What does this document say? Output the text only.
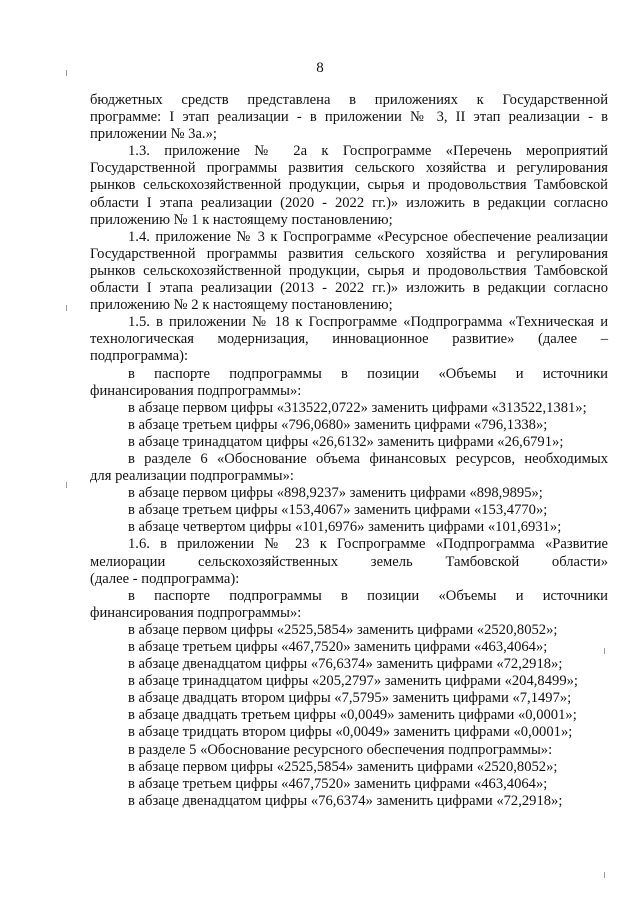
8
бюджетных средств представлена в приложениях к Государственной
программе: I этап реализации - в приложении № 3, II этап реализации - в
приложении № 3а.»;
1.3. приложение № 2а к Госпрограмме «Перечень мероприятий
Государственной программы развития сельского хозяйства и регулирования
рынков сельскохозяйственной продукции, сырья и продовольствия Тамбовской
области I этапа реализации (2020 - 2022 гг.)» изложить в редакции согласно
приложению № 1 к настоящему постановлению;
1.4. приложение № 3 к Госпрограмме «Ресурсное обеспечение реализации
Государственной программы развития сельского хозяйства и регулирования
рынков сельскохозяйственной продукции, сырья и продовольствия Тамбовской
области I этапа реализации (2013 - 2022 гг.)» изложить в редакции согласно
приложению № 2 к настоящему постановлению;
1.5. в приложении № 18 к Госпрограмме «Подпрограмма «Техническая и
технологическая модернизация, инновационное развитие» (далее –
подпрограмма):
в паспорте подпрограммы в позиции «Объемы и источники
финансирования подпрограммы»:
в абзаце первом цифры «313522,0722» заменить цифрами «313522,1381»;
в абзаце третьем цифры «796,0680» заменить цифрами «796,1338»;
в абзаце тринадцатом цифры «26,6132» заменить цифрами «26,6791»;
в разделе 6 «Обоснование объема финансовых ресурсов, необходимых
для реализации подпрограммы»:
в абзаце первом цифры «898,9237» заменить цифрами «898,9895»;
в абзаце третьем цифры «153,4067» заменить цифрами «153,4770»;
в абзаце четвертом цифры «101,6976» заменить цифрами «101,6931»;
1.6. в приложении № 23 к Госпрограмме «Подпрограмма «Развитие
мелиорации сельскохозяйственных земель Тамбовской области»
(далее - подпрограмма):
в паспорте подпрограммы в позиции «Объемы и источники
финансирования подпрограммы»:
в абзаце первом цифры «2525,5854» заменить цифрами «2520,8052»;
в абзаце третьем цифры «467,7520» заменить цифрами «463,4064»;
в абзаце двенадцатом цифры «76,6374» заменить цифрами «72,2918»;
в абзаце тринадцатом цифры «205,2797» заменить цифрами «204,8499»;
в абзаце двадцать втором цифры «7,5795» заменить цифрами «7,1497»;
в абзаце двадцать третьем цифры «0,0049» заменить цифрами «0,0001»;
в абзаце тридцать втором цифры «0,0049» заменить цифрами «0,0001»;
в разделе 5 «Обоснование ресурсного обеспечения подпрограммы»:
в абзаце первом цифры «2525,5854» заменить цифрами «2520,8052»;
в абзаце третьем цифры «467,7520» заменить цифрами «463,4064»;
в абзаце двенадцатом цифры «76,6374» заменить цифрами «72,2918»;
